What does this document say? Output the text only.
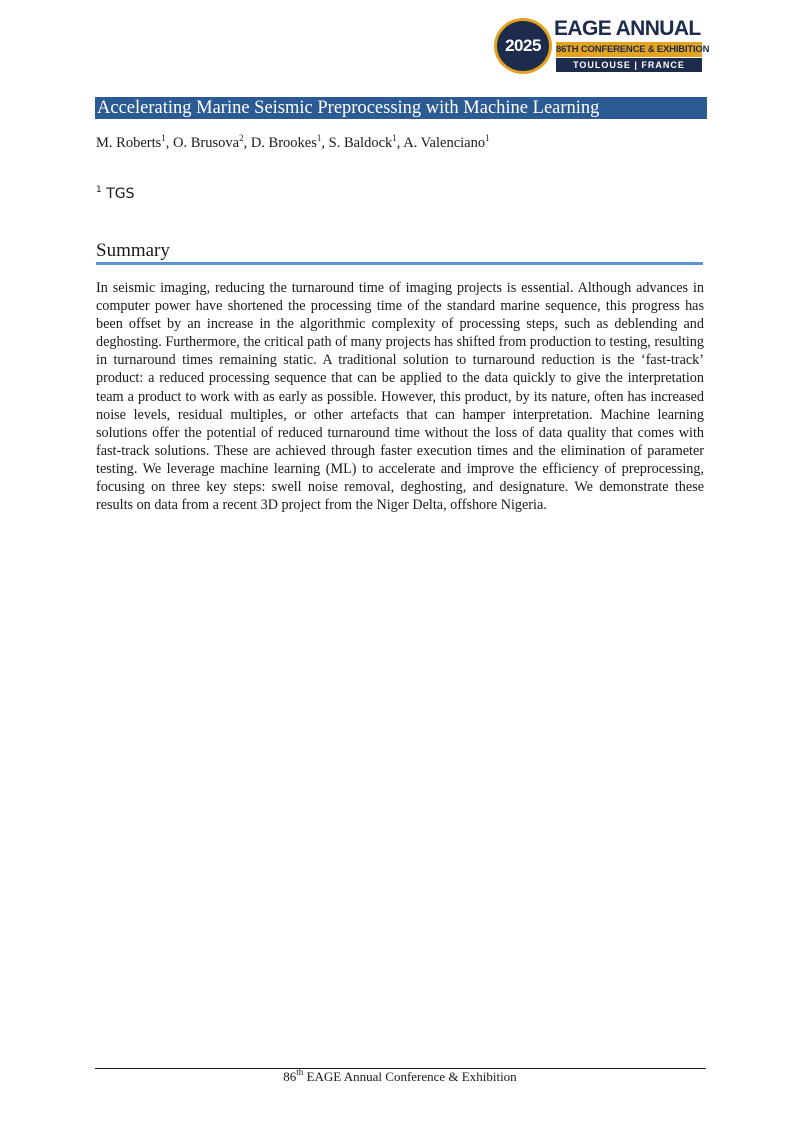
2025
EAGE ANNUAL
86TH CONFERENCE & EXHIBITION
TOULOUSE | FRANCE
Accelerating Marine Seismic Preprocessing with Machine Learning
M. Roberts$^1$, O. Brusova$^2$, D. Brookes$^1$, S. Baldock$^1$, A. Valenciano$^1$
$^1$ TGS
Summary

In seismic imaging, reducing the turnaround time of imaging projects is essential. Although advances in computer power have shortened the processing time of the standard marine sequence, this progress has been offset by an increase in the algorithmic complexity of processing steps, such as deblending and deghosting. Furthermore, the critical path of many projects has shifted from production to testing, resulting in turnaround times remaining static. A traditional solution to turnaround reduction is the ‘fast-track’ product: a reduced processing sequence that can be applied to the data quickly to give the interpretation team a product to work with as early as possible. However, this product, by its nature, often has increased noise levels, residual multiples, or other artefacts that can hamper interpretation. Machine learning solutions offer the potential of reduced turnaround time without the loss of data quality that comes with fast-track solutions. These are achieved through faster execution times and the elimination of parameter testing. We leverage machine learning (ML) to accelerate and improve the efficiency of preprocessing, focusing on three key steps: swell noise removal, deghosting, and designature. We demonstrate these results on data from a recent 3D project from the Niger Delta, offshore Nigeria.

86th EAGE Annual Conference & Exhibition
